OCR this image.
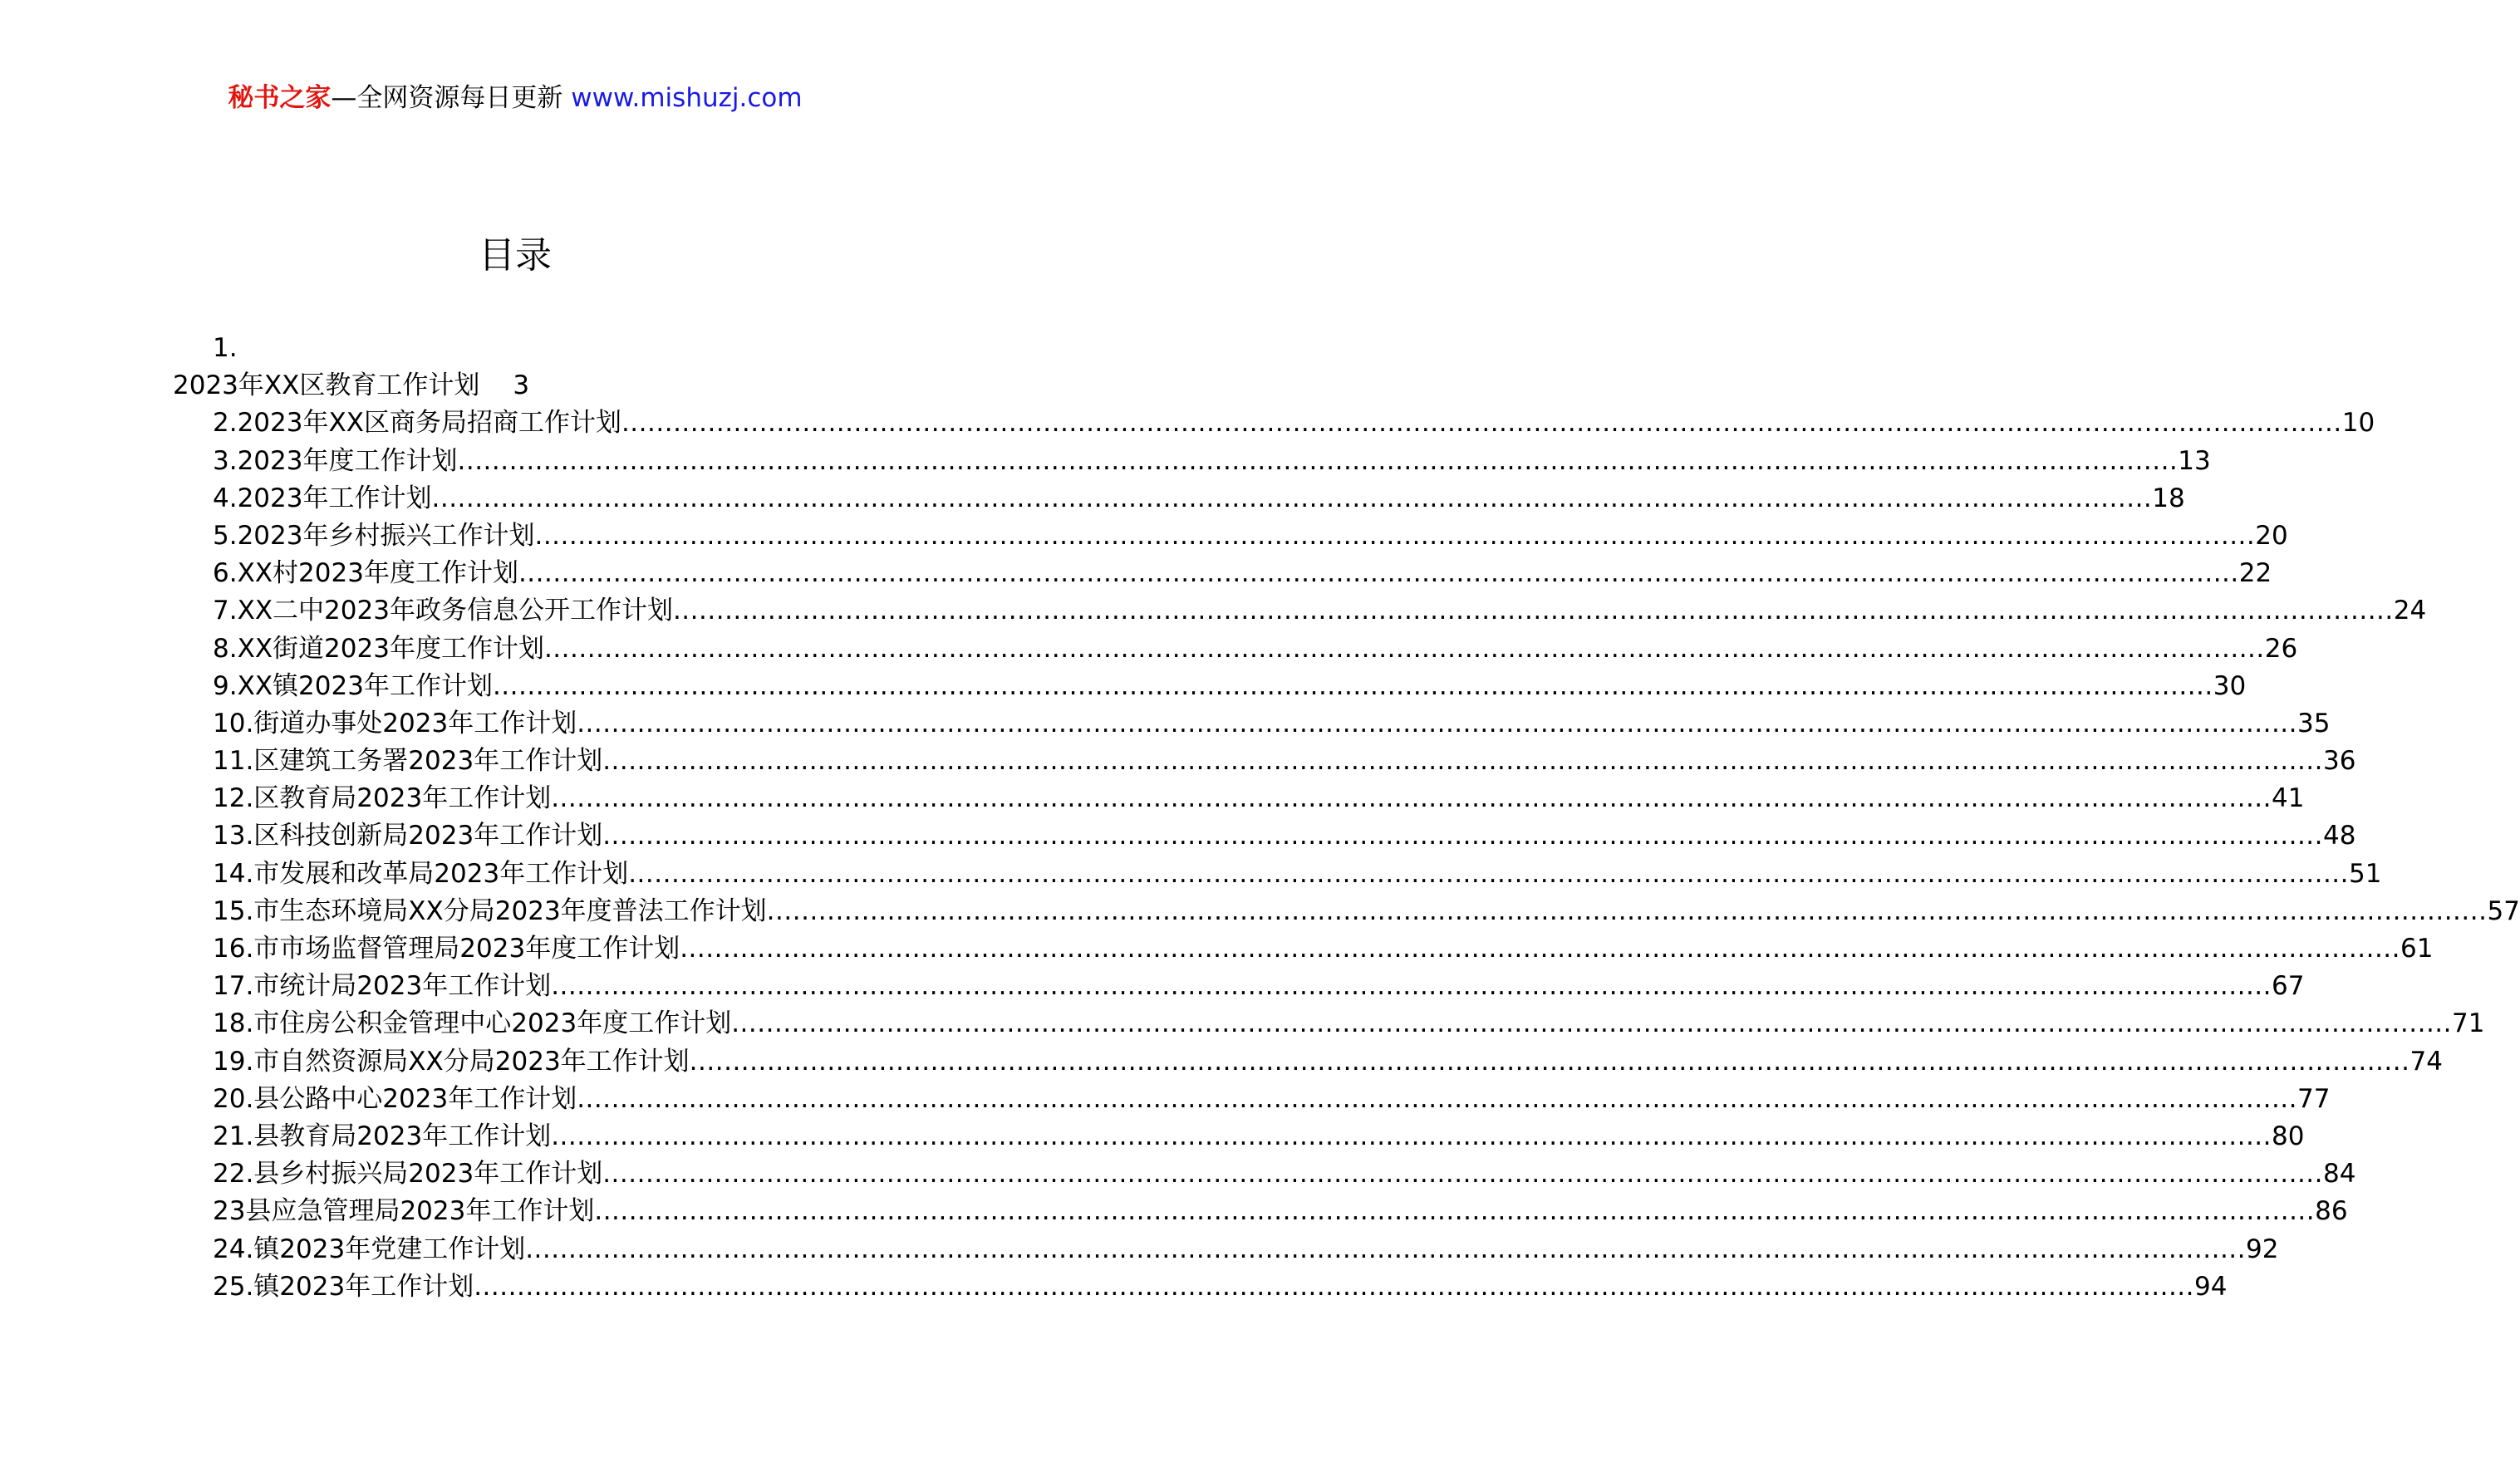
秘书之家—全网资源每日更新 www.mishuzj.com
目录
1.
2023年XX区教育工作计划 3
2.2023年XX区商务局招商工作计划 ........................................................................................................................................................................................................ 10
3.2023年度工作计划 ........................................................................................................................................................................................................ 13
4.2023年工作计划 ........................................................................................................................................................................................................ 18
5.2023年乡村振兴工作计划 ........................................................................................................................................................................................................ 20
6.XX村2023年度工作计划 ........................................................................................................................................................................................................ 22
7.XX二中2023年政务信息公开工作计划 ........................................................................................................................................................................................................ 24
8.XX街道2023年度工作计划 ........................................................................................................................................................................................................ 26
9.XX镇2023年工作计划 ........................................................................................................................................................................................................ 30
10.街道办事处2023年工作计划 ........................................................................................................................................................................................................ 35
11.区建筑工务署2023年工作计划 ........................................................................................................................................................................................................ 36
12.区教育局2023年工作计划 ........................................................................................................................................................................................................ 41
13.区科技创新局2023年工作计划 ........................................................................................................................................................................................................ 48
14.市发展和改革局2023年工作计划 ........................................................................................................................................................................................................ 51
15.市生态环境局XX分局2023年度普法工作计划 ........................................................................................................................................................................................................ 57
16.市市场监督管理局2023年度工作计划 ........................................................................................................................................................................................................ 61
17.市统计局2023年工作计划 ........................................................................................................................................................................................................ 67
18.市住房公积金管理中心2023年度工作计划 ........................................................................................................................................................................................................ 71
19.市自然资源局XX分局2023年工作计划 ........................................................................................................................................................................................................ 74
20.县公路中心2023年工作计划 ........................................................................................................................................................................................................ 77
21.县教育局2023年工作计划 ........................................................................................................................................................................................................ 80
22.县乡村振兴局2023年工作计划 ........................................................................................................................................................................................................ 84
23县应急管理局2023年工作计划 ........................................................................................................................................................................................................ 86
24.镇2023年党建工作计划 ........................................................................................................................................................................................................ 92
25.镇2023年工作计划 ........................................................................................................................................................................................................ 94
